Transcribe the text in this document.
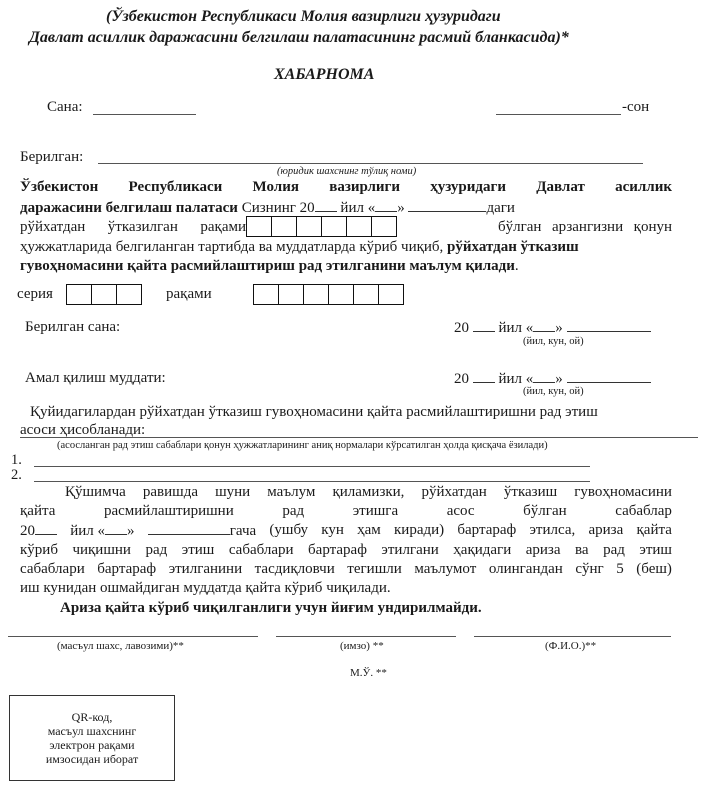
(Ўзбекистон Республикаси Молия вазирлиги ҳузуридаги
Давлат асиллик даражасини белгилаш палатасининг расмий бланкасида)*
ХАБАРНОМА
Сана:	-сон
Берилган:
(юридик шахснинг тўлиқ номи)
Ўзбекистон Республикаси Молия вазирлиги ҳузуридаги Давлат асиллик
даражасини белгилаш палатаси Сизнинг 20 йил « »	даги
рўйхатдан ўтказилган рақами	бўлган арзангизни қонун
ҳужжатларида белгиланган тартибда ва муддатларда кўриб чиқиб, рўйхатдан ўтказиш
гувоҳномасини қайта расмийлаштириш рад этилганини маълум қилади.
серия	рақами
Берилган сана:	20 йил « »
(йил, кун, ой)
Амал қилиш муддати:	20 йил « »
(йил, кун, ой)
Қуйидагилардан рўйхатдан ўтказиш гувоҳномасини қайта расмийлаштиришни рад этиш
асоси ҳисобланади:
(асосланган рад этиш сабаблари қонун ҳужжатларининг аниқ нормалари кўрсатилган ҳолда қисқача ёзилади)
1.
2.
Қўшимча равишда шуни маълум қиламизки, рўйхатдан ўтказиш гувоҳномасини
қайта	расмийлаштиришни	рад	этишга	асос	бўлган	сабаблар
20	йил « »	гача (ушбу кун ҳам киради) бартараф этилса, ариза қайта
кўриб чиқишни рад этиш сабаблари бартараф этилгани ҳақидаги ариза ва рад этиш
сабаблари бартараф этилганини тасдиқловчи тегишли маълумот олингандан сўнг 5 (беш)
иш кунидан ошмайдиган муддатда қайта кўриб чиқилади.
Ариза қайта кўриб чиқилганлиги учун йиғим ундирилмайди.
(масъул шахс, лавозими)**	(имзо) **	(Ф.И.О.)**
М.Ў. **
QR-код,
масъул шахснинг
электрон рақами
имзосидан иборат
